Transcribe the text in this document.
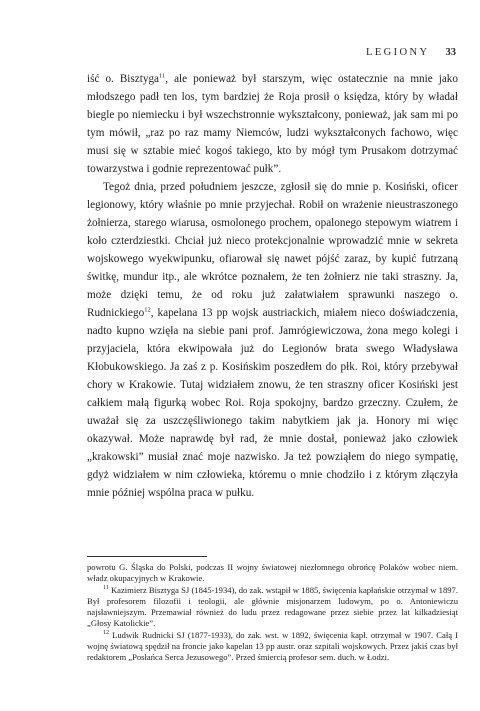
LEGIONY 33

iść o. Bisztyga$^{11}$, ale ponieważ był starszym, więc ostatecznie na mnie jako młodszego padł ten los, tym bardziej że Roja prosił o księdza, który by władał biegle po niemiecku i był wszechstronnie wykształcony, ponieważ, jak sam mi po tym mówił, „raz po raz mamy Niemców, ludzi wykształconych fachowo, więc musi się w sztabie mieć kogoś takiego, kto by mógł tym Prusakom dotrzymać towarzystwa i godnie reprezentować pułk”.

Tegoż dnia, przed południem jeszcze, zgłosił się do mnie p. Kosiński, oficer legionowy, który właśnie po mnie przyjechał. Robił on wrażenie nieustraszonego żołnierza, starego wiarusa, osmolonego prochem, opalonego stepowym wiatrem i koło czterdziestki. Chciał już nieco protekcjonalnie wprowadzić mnie w sekreta wojskowego wyekwipunku, ofiarował się nawet pójść zaraz, by kupić futrzaną świtkę, mundur itp., ale wkrótce poznałem, że ten żołnierz nie taki straszny. Ja, może dzięki temu, że od roku już załatwiałem sprawunki naszego o. Rudnickiego$^{12}$, kapelana 13 pp wojsk austriackich, miałem nieco doświadczenia, nadto kupno wzięła na siebie pani prof. Jamrógiewiczowa, żona mego kolegi i przyjaciela, która ekwipowała już do Legionów brata swego Władysława Kłobukowskiego. Ja zaś z p. Kosińskim poszedłem do płk. Roi, który przebywał chory w Krakowie. Tutaj widziałem znowu, że ten straszny oficer Kosiński jest całkiem małą figurką wobec Roi. Roja spokojny, bardzo grzeczny. Czułem, że uważał się za uszczęśliwionego takim nabytkiem jak ja. Honory mi więc okazywał. Może naprawdę był rad, że mnie dostał, ponieważ jako człowiek „krakowski” musiał znać moje nazwisko. Ja też powziąłem do niego sympatię, gdyż widziałem w nim człowieka, któremu o mnie chodziło i z którym złączyła mnie później wspólna praca w pułku.

powrotu G. Śląska do Polski, podczas II wojny światowej niezłomnego obrońcę Polaków wobec niem. władz okupacyjnych w Krakowie.

$^{11}$ Kazimierz Bisztyga SJ (1845-1934), do zak. wstąpił w 1885, święcenia kapłańskie otrzymał w 1897. Był profesorem filozofii i teologii, ale głównie misjonarzem ludowym, po o. Antoniewiczu najsławniejszym. Przemawiał również do ludu przez redagowane przez siebie przez lat kilkadziesiąt „Głosy Katolickie”.

$^{12}$ Ludwik Rudnicki SJ (1877-1933), do zak. wst. w 1892, święcenia kapł. otrzymał w 1907. Całą I wojnę światową spędził na froncie jako kapelan 13 pp austr. oraz szpitali wojskowych. Przez jakiś czas był redaktorem „Posłańca Serca Jezusowego”. Przed śmiercią profesor sem. duch. w Łodzi.
